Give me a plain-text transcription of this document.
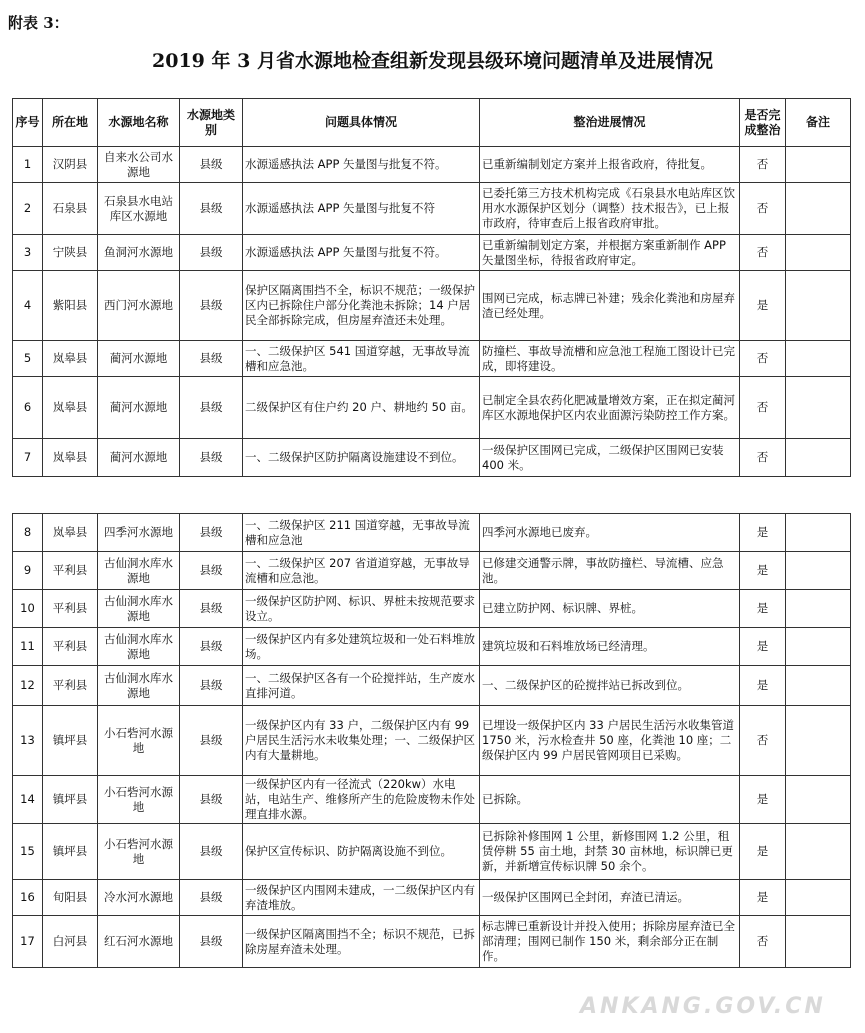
附表 3：
2019 年 3 月省水源地检查组新发现县级环境问题清单及进展情况
序号	所在地	水源地名称	水源地类别	问题具体情况	整治进展情况	是否完成整治	备注
1	汉阴县	自来水公司水源地	县级	水源遥感执法 APP 矢量图与批复不符。	已重新编制划定方案并上报省政府，待批复。	否	
2	石泉县	石泉县水电站库区水源地	县级	水源遥感执法 APP 矢量图与批复不符	已委托第三方技术机构完成《石泉县水电站库区饮用水水源保护区划分（调整）技术报告》，已上报市政府，待审查后上报省政府审批。	否	
3	宁陕县	鱼洞河水源地	县级	水源遥感执法 APP 矢量图与批复不符。	已重新编制划定方案，并根据方案重新制作 APP 矢量图坐标，待报省政府审定。	否	
4	紫阳县	西门河水源地	县级	保护区隔离围挡不全，标识不规范；一级保护区内已拆除住户部分化粪池未拆除；14 户居民全部拆除完成，但房屋弃渣还未处理。	围网已完成，标志牌已补建；残余化粪池和房屋弃渣已经处理。	是	
5	岚皋县	蔺河水源地	县级	一、二级保护区 541 国道穿越，无事故导流槽和应急池。	防撞栏、事故导流槽和应急池工程施工图设计已完成，即将建设。	否	
6	岚皋县	蔺河水源地	县级	二级保护区有住户约 20 户、耕地约 50 亩。	已制定全县农药化肥减量增效方案，正在拟定蔺河库区水源地保护区内农业面源污染防控工作方案。	否	
7	岚皋县	蔺河水源地	县级	一、二级保护区防护隔离设施建设不到位。	一级保护区围网已完成，二级保护区围网已安装 400 米。	否	
8	岚皋县	四季河水源地	县级	一、二级保护区 211 国道穿越，无事故导流槽和应急池	四季河水源地已废弃。	是	
9	平利县	古仙洞水库水源地	县级	一、二级保护区 207 省道道穿越，无事故导流槽和应急池。	已修建交通警示牌，事故防撞栏、导流槽、应急池。	是	
10	平利县	古仙洞水库水源地	县级	一级保护区防护网、标识、界桩未按规范要求设立。	已建立防护网、标识牌、界桩。	是	
11	平利县	古仙洞水库水源地	县级	一级保护区内有多处建筑垃圾和一处石料堆放场。	建筑垃圾和石料堆放场已经清理。	是	
12	平利县	古仙洞水库水源地	县级	一、二级保护区各有一个砼搅拌站，生产废水直排河道。	一、二级保护区的砼搅拌站已拆改到位。	是	
13	镇坪县	小石砦河水源地	县级	一级保护区内有 33 户，二级保护区内有 99 户居民生活污水未收集处理；一、二级保护区内有大量耕地。	已埋设一级保护区内 33 户居民生活污水收集管道 1750 米，污水检查井 50 座，化粪池 10 座；二级保护区内 99 户居民管网项目已采购。	否	
14	镇坪县	小石砦河水源地	县级	一级保护区内有一径流式（220kw）水电站，电站生产、维修所产生的危险废物未作处理直排水源。	已拆除。	是	
15	镇坪县	小石砦河水源地	县级	保护区宣传标识、防护隔离设施不到位。	已拆除补修围网 1 公里，新修围网 1.2 公里，租赁停耕 55 亩土地，封禁 30 亩林地，标识牌已更新，并新增宣传标识牌 50 余个。	是	
16	旬阳县	冷水河水源地	县级	一级保护区内围网未建成，一二级保护区内有弃渣堆放。	一级保护区围网已全封闭，弃渣已清运。	是	
17	白河县	红石河水源地	县级	一级保护区隔离围挡不全；标识不规范，已拆除房屋弃渣未处理。	标志牌已重新设计并投入使用；拆除房屋弃渣已全部清理；围网已制作 150 米，剩余部分正在制作。	否	
ANKANG.GOV.CN
